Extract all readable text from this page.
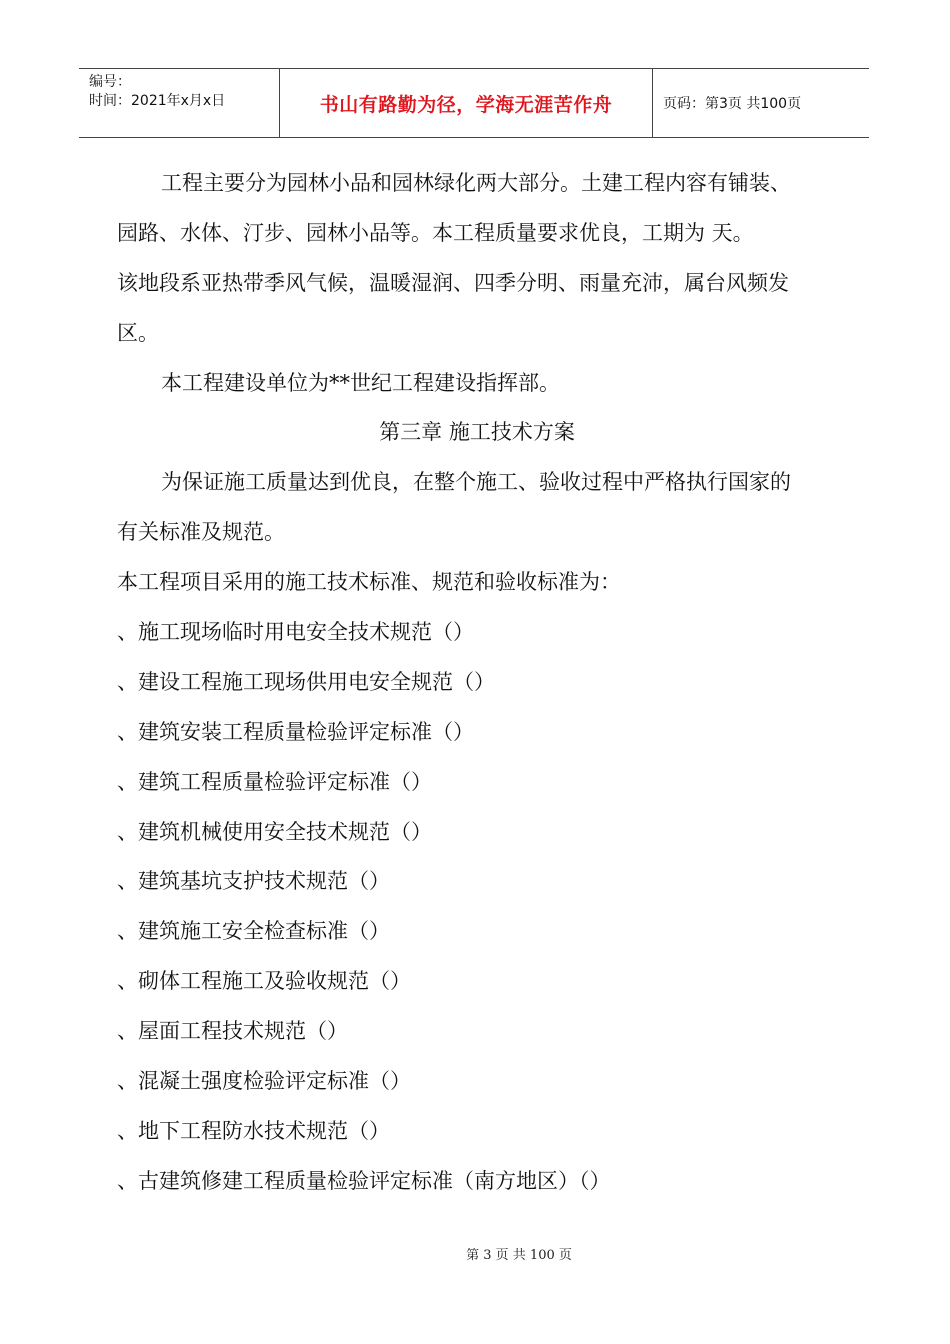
编号：
时间：2021年x月x日	书山有路勤为径，学海无涯苦作舟	页码：第3页 共100页
工程主要分为园林小品和园林绿化两大部分。土建工程内容有铺装、
园路、水体、汀步、园林小品等。本工程质量要求优良，工期为 天。
该地段系亚热带季风气候，温暖湿润、四季分明、雨量充沛，属台风频发
区。
本工程建设单位为**世纪工程建设指挥部。
第三章 施工技术方案
为保证施工质量达到优良，在整个施工、验收过程中严格执行国家的
有关标准及规范。
本工程项目采用的施工技术标准、规范和验收标准为：
、施工现场临时用电安全技术规范（）
、建设工程施工现场供用电安全规范（）
、建筑安装工程质量检验评定标准（）
、建筑工程质量检验评定标准（）
、建筑机械使用安全技术规范（）
、建筑基坑支护技术规范（）
、建筑施工安全检查标准（）
、砌体工程施工及验收规范（）
、屋面工程技术规范（）
、混凝土强度检验评定标准（）
、地下工程防水技术规范（）
、古建筑修建工程质量检验评定标准（南方地区）（）
第 3 页 共 100 页
